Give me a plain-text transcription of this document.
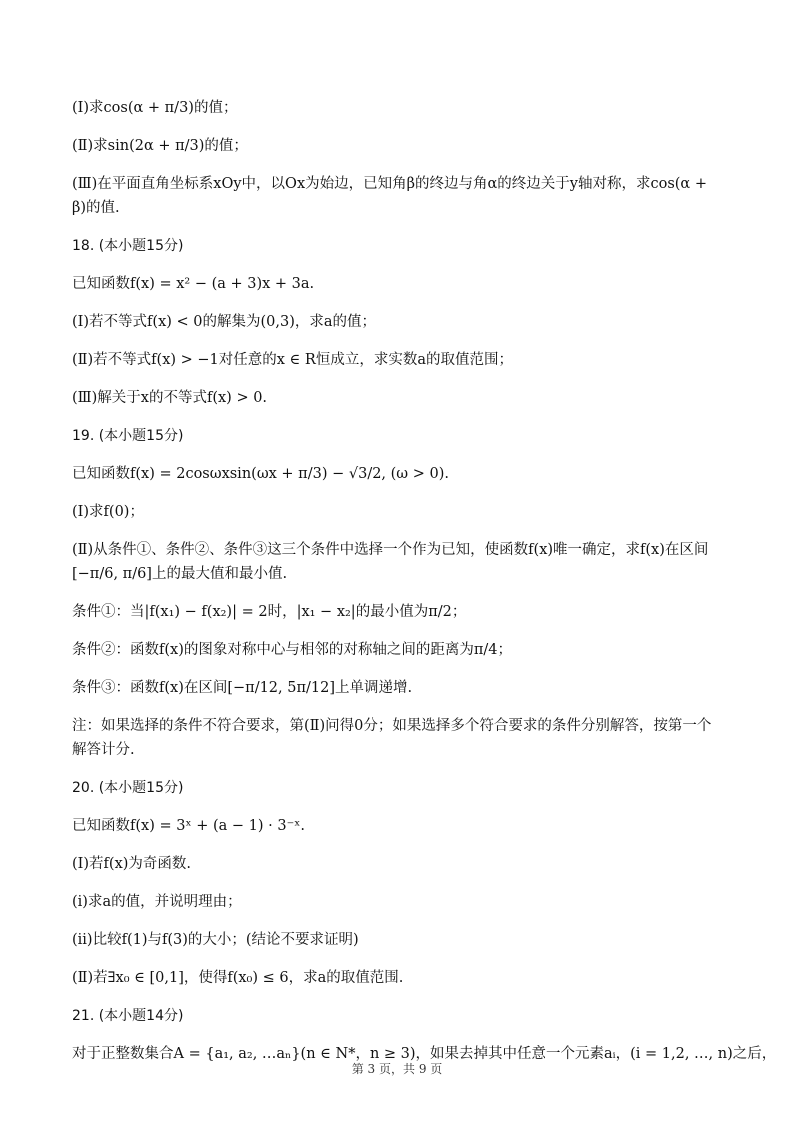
(Ⅰ)求cos(α + π/3)的值；
(Ⅱ)求sin(2α + π/3)的值；
(Ⅲ)在平面直角坐标系xOy中，以Ox为始边，已知角β的终边与角α的终边关于y轴对称，求cos(α + β)的值.
18. (本小题15分)
已知函数f(x) = x² − (a + 3)x + 3a.
(Ⅰ)若不等式f(x) < 0的解集为(0,3)，求a的值；
(Ⅱ)若不等式f(x) > −1对任意的x ∈ R恒成立，求实数a的取值范围；
(Ⅲ)解关于x的不等式f(x) > 0.
19. (本小题15分)
已知函数f(x) = 2cosωxsin(ωx + π/3) − √3/2, (ω > 0).
(Ⅰ)求f(0)；
(Ⅱ)从条件①、条件②、条件③这三个条件中选择一个作为已知，使函数f(x)唯一确定，求f(x)在区间[−π/6, π/6]上的最大值和最小值.
条件①：当|f(x₁) − f(x₂)| = 2时，|x₁ − x₂|的最小值为π/2；
条件②：函数f(x)的图象对称中心与相邻的对称轴之间的距离为π/4；
条件③：函数f(x)在区间[−π/12, 5π/12]上单调递增.
注：如果选择的条件不符合要求，第(Ⅱ)问得0分；如果选择多个符合要求的条件分别解答，按第一个解答计分.
20. (本小题15分)
已知函数f(x) = 3ˣ + (a − 1) · 3⁻ˣ.
(Ⅰ)若f(x)为奇函数.
(i)求a的值，并说明理由；
(ii)比较f(1)与f(3)的大小；(结论不要求证明)
(Ⅱ)若∃x₀ ∈ [0,1]，使得f(x₀) ≤ 6，求a的取值范围.
21. (本小题14分)
对于正整数集合A = {a₁, a₂, …aₙ}(n ∈ N*，n ≥ 3)，如果去掉其中任意一个元素aᵢ，(i = 1,2, …, n)之后，
第 3 页，共 9 页
